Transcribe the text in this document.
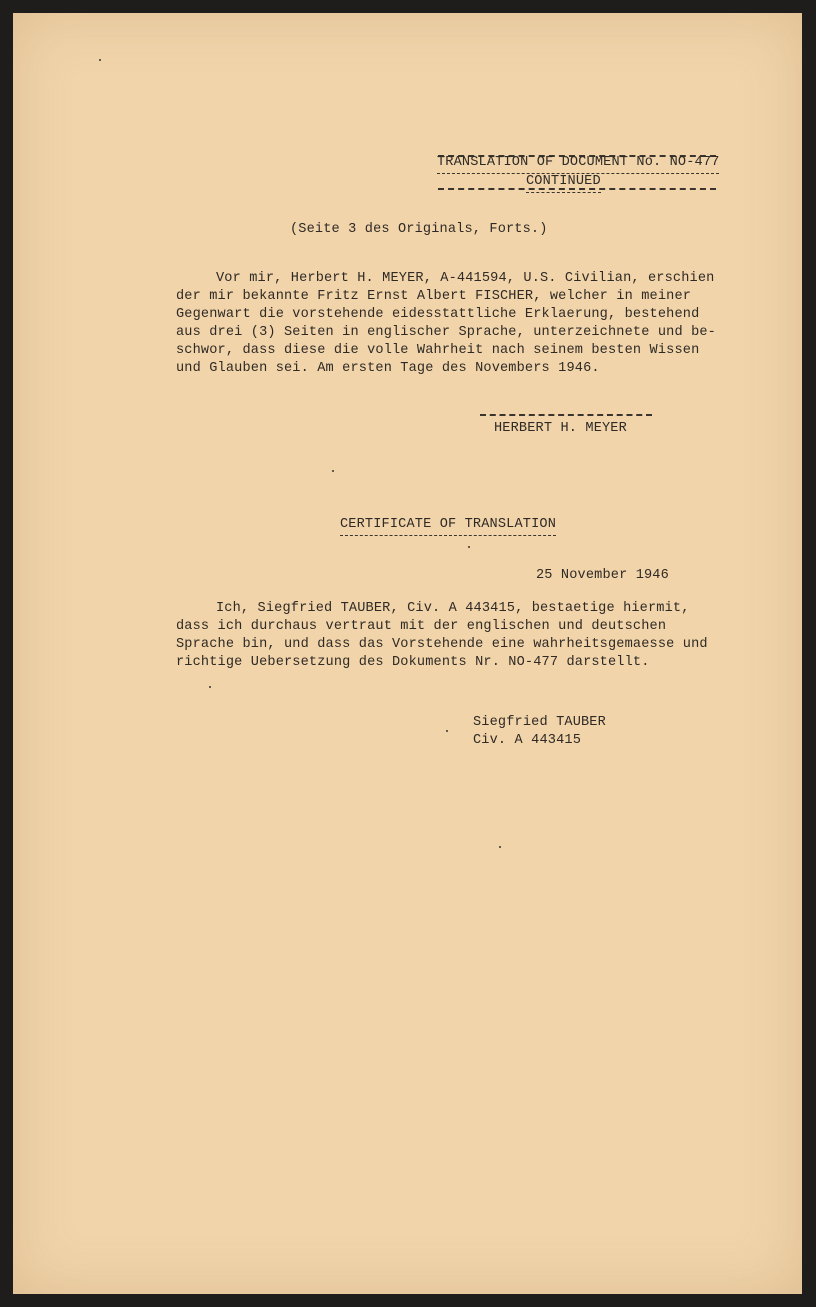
TRANSLATION OF DOCUMENT No. NO-477
CONTINUED
(Seite 3 des Originals, Forts.)
Vor mir, Herbert H. MEYER, A-441594, U.S. Civilian, erschien
der mir bekannte Fritz Ernst Albert FISCHER, welcher in meiner
Gegenwart die vorstehende eidesstattliche Erklaerung, bestehend
aus drei (3) Seiten in englischer Sprache, unterzeichnete und be-
schwor, dass diese die volle Wahrheit nach seinem besten Wissen
und Glauben sei. Am ersten Tage des Novembers 1946.
HERBERT H. MEYER
CERTIFICATE OF TRANSLATION
25 November 1946
Ich, Siegfried TAUBER, Civ. A 443415, bestaetige hiermit,
dass ich durchaus vertraut mit der englischen und deutschen
Sprache bin, und dass das Vorstehende eine wahrheitsgemaesse und
richtige Uebersetzung des Dokuments Nr. NO-477 darstellt.
Siegfried TAUBER
Civ. A 443415
